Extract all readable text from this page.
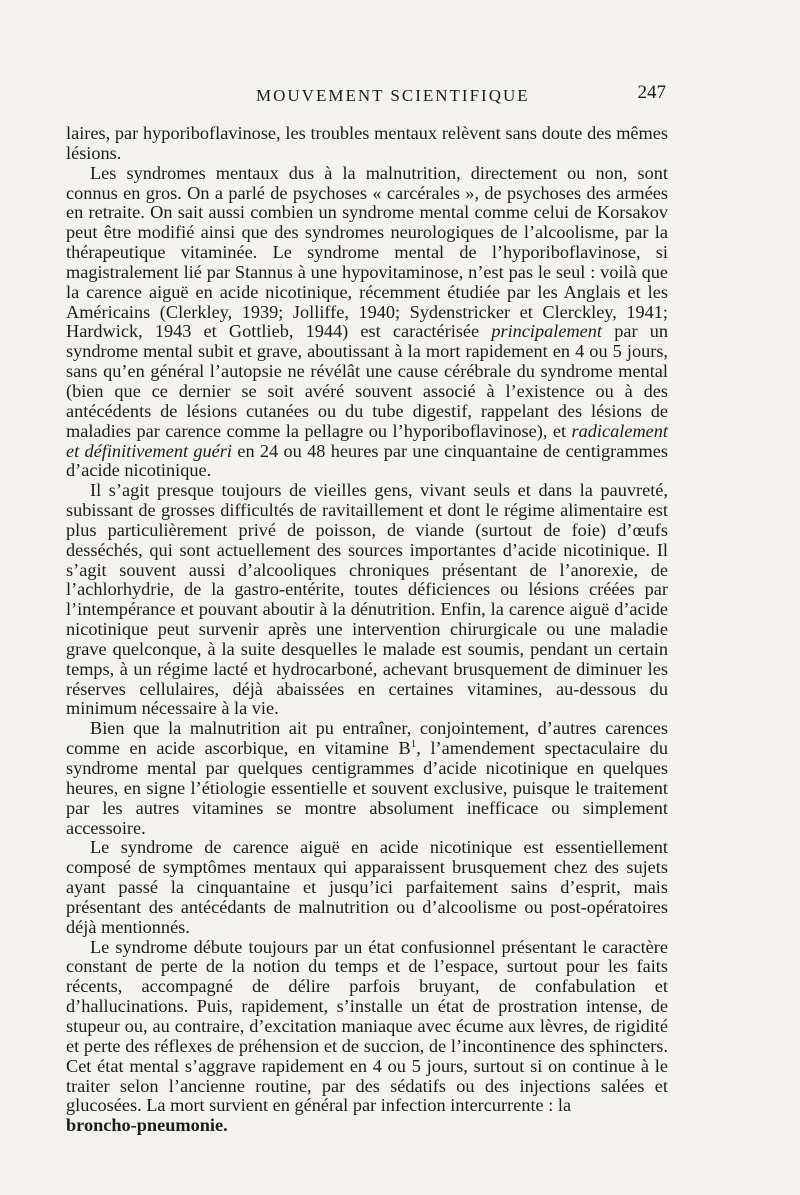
MOUVEMENT SCIENTIFIQUE	247

laires, par hyporiboflavinose, les troubles mentaux relèvent sans doute des mêmes lésions.

Les syndromes mentaux dus à la malnutrition, directement ou non, sont connus en gros. On a parlé de psychoses « carcérales », de psychoses des armées en retraite. On sait aussi combien un syndrome mental comme celui de Korsakov peut être modifié ainsi que des syndromes neurologiques de l’alcoolisme, par la thérapeutique vitaminée. Le syndrome mental de l’hyporiboflavinose, si magistralement lié par Stannus à une hypovitaminose, n’est pas le seul : voilà que la carence aiguë en acide nicotinique, récemment étudiée par les Anglais et les Américains (Clerkley, 1939; Jolliffe, 1940; Sydenstricker et Clerckley, 1941; Hardwick, 1943 et Gottlieb, 1944) est caractérisée principalement par un syndrome mental subit et grave, aboutissant à la mort rapidement en 4 ou 5 jours, sans qu’en général l’autopsie ne révélât une cause cérébrale du syndrome mental (bien que ce dernier se soit avéré souvent associé à l’existence ou à des antécédents de lésions cutanées ou du tube digestif, rappelant des lésions de maladies par carence comme la pellagre ou l’hyporiboflavinose), et radicalement et définitivement guéri en 24 ou 48 heures par une cinquantaine de centigrammes d’acide nicotinique.

Il s’agit presque toujours de vieilles gens, vivant seuls et dans la pauvreté, subissant de grosses difficultés de ravitaillement et dont le régime alimentaire est plus particulièrement privé de poisson, de viande (surtout de foie) d’œufs desséchés, qui sont actuellement des sources importantes d’acide nicotinique. Il s’agit souvent aussi d’alcooliques chroniques présentant de l’anorexie, de l’achlorhydrie, de la gastro-entérite, toutes déficiences ou lésions créées par l’intempérance et pouvant aboutir à la dénutrition. Enfin, la carence aiguë d’acide nicotinique peut survenir après une intervention chirurgicale ou une maladie grave quelconque, à la suite desquelles le malade est soumis, pendant un certain temps, à un régime lacté et hydrocarboné, achevant brusquement de diminuer les réserves cellulaires, déjà abaissées en certaines vitamines, au-dessous du minimum nécessaire à la vie.

Bien que la malnutrition ait pu entraîner, conjointement, d’autres carences comme en acide ascorbique, en vitamine $B^1$, l’amendement spectaculaire du syndrome mental par quelques centigrammes d’acide nicotinique en quelques heures, en signe l’étiologie essentielle et souvent exclusive, puisque le traitement par les autres vitamines se montre absolument inefficace ou simplement accessoire.

Le syndrome de carence aiguë en acide nicotinique est essentiellement composé de symptômes mentaux qui apparaissent brusquement chez des sujets ayant passé la cinquantaine et jusqu’ici parfaitement sains d’esprit, mais présentant des antécédants de malnutrition ou d’alcoolisme ou post-opératoires déjà mentionnés.

Le syndrome débute toujours par un état confusionnel présentant le caractère constant de perte de la notion du temps et de l’espace, surtout pour les faits récents, accompagné de délire parfois bruyant, de confabulation et d’hallucinations. Puis, rapidement, s’installe un état de prostration intense, de stupeur ou, au contraire, d’excitation maniaque avec écume aux lèvres, de rigidité et perte des réflexes de préhension et de succion, de l’incontinence des sphincters. Cet état mental s’aggrave rapidement en 4 ou 5 jours, surtout si on continue à le traiter selon l’ancienne routine, par des sédatifs ou des injections salées et glucosées. La mort survient en général par infection intercurrente : la
broncho-pneumonie.
